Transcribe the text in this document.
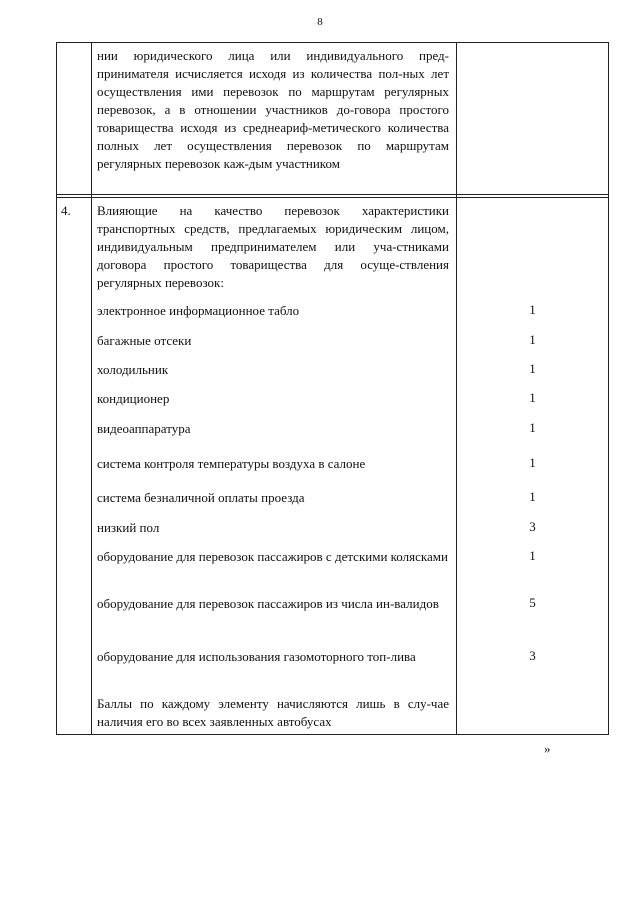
8
нии юридического лица или индивидуального пред-принимателя исчисляется исходя из количества пол-ных лет осуществления ими перевозок по маршрутам регулярных перевозок, а в отношении участников до-говора простого товарищества исходя из среднеариф-метического количества полных лет осуществления перевозок по маршрутам регулярных перевозок каж-дым участником
4. Влияющие на качество перевозок характеристики транспортных средств, предлагаемых юридическим лицом, индивидуальным предпринимателем или уча-стниками договора простого товарищества для осуще-ствления регулярных перевозок:
электронное информационное табло	1
багажные отсеки	1
холодильник	1
кондиционер	1
видеоаппаратура	1
система контроля температуры воздуха в салоне	1
система безналичной оплаты проезда	1
низкий пол	3
оборудование для перевозок пассажиров с детскими колясками	1
оборудование для перевозок пассажиров из числа ин-валидов	5
оборудование для использования газомоторного топ-лива	3
Баллы по каждому элементу начисляются лишь в слу-чае наличия его во всех заявленных автобусах
»
